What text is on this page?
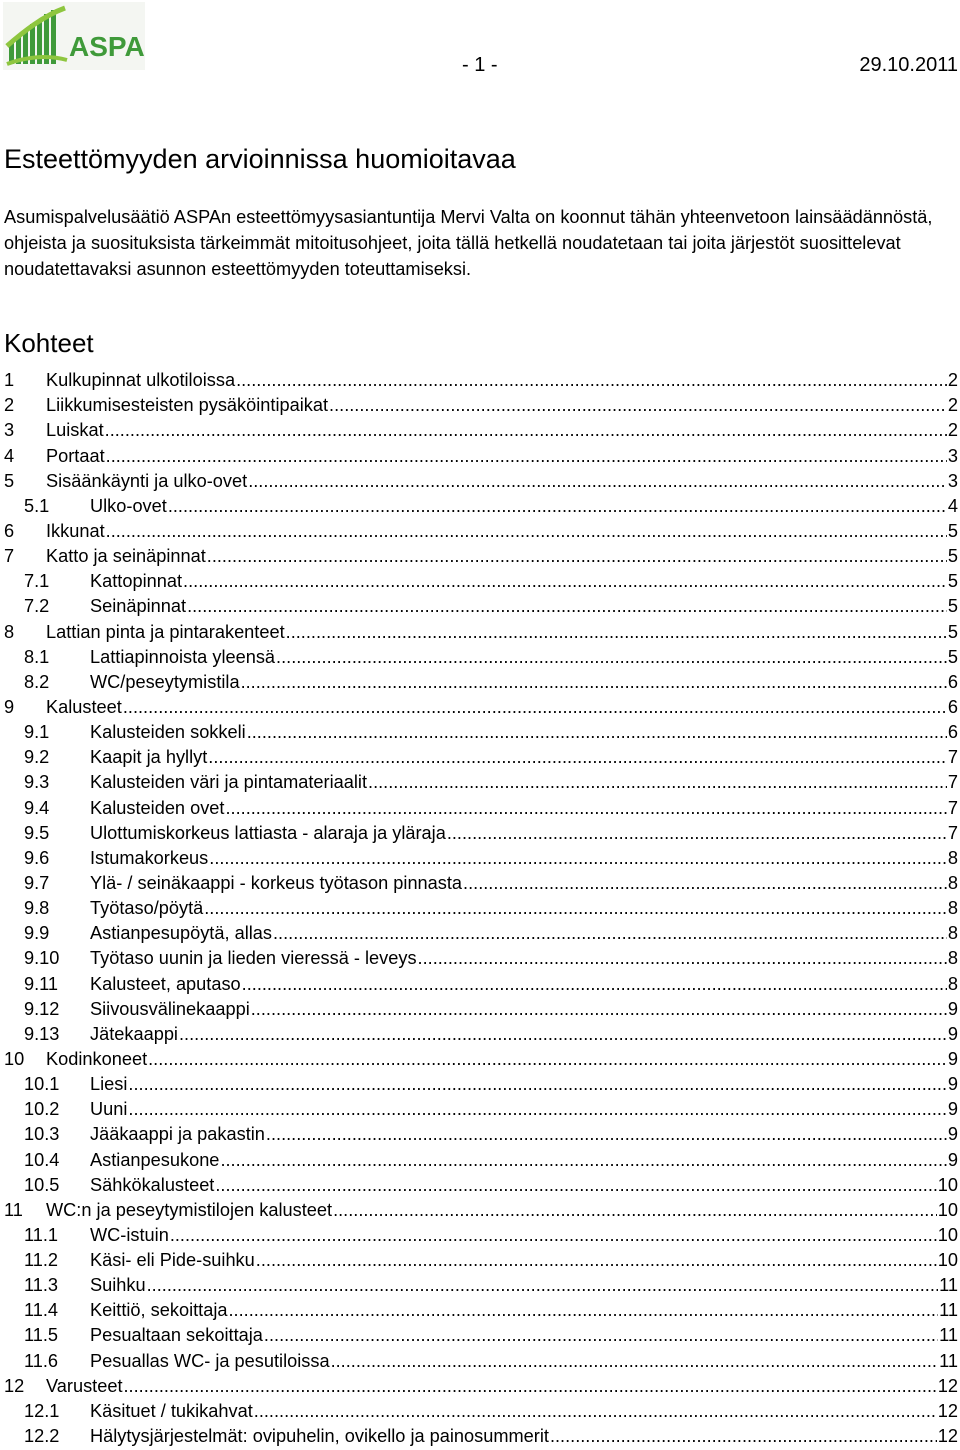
ASPA
- 1 -	29.10.2011
Esteettömyyden arvioinnissa huomioitavaa

Asumispalvelusäätiö ASPAn esteettömyysasiantuntija Mervi Valta on koonnut tähän yhteenvetoon lainsäädännöstä, ohjeista ja suosituksista tärkeimmät mitoitusohjeet, joita tällä hetkellä noudatetaan tai joita järjestöt suosittelevat noudatettavaksi asunnon esteettömyyden toteuttamiseksi.

Kohteet
1	Kulkupinnat ulkotiloissa .....	2
2	Liikkumisesteisten pysäköintipaikat .....	2
3	Luiskat .....	2
4	Portaat .....	3
5	Sisäänkäynti ja ulko-ovet .....	3
5.1	Ulko-ovet .....	4
6	Ikkunat .....	5
7	Katto ja seinäpinnat .....	5
7.1	Kattopinnat .....	5
7.2	Seinäpinnat .....	5
8	Lattian pinta ja pintarakenteet .....	5
8.1	Lattiapinnoista yleensä .....	5
8.2	WC/peseytymistila .....	6
9	Kalusteet .....	6
9.1	Kalusteiden sokkeli .....	6
9.2	Kaapit ja hyllyt .....	7
9.3	Kalusteiden väri ja pintamateriaalit .....	7
9.4	Kalusteiden ovet .....	7
9.5	Ulottumiskorkeus lattiasta - alaraja ja yläraja .....	7
9.6	Istumakorkeus .....	8
9.7	Ylä- / seinäkaappi - korkeus työtason pinnasta .....	8
9.8	Työtaso/pöytä .....	8
9.9	Astianpesupöytä, allas .....	8
9.10	Työtaso uunin ja lieden vieressä - leveys .....	8
9.11	Kalusteet, aputaso .....	8
9.12	Siivousvälinekaappi .....	9
9.13	Jätekaappi .....	9
10	Kodinkoneet .....	9
10.1	Liesi .....	9
10.2	Uuni .....	9
10.3	Jääkaappi ja pakastin .....	9
10.4	Astianpesukone .....	9
10.5	Sähkökalusteet .....	10
11	WC:n ja peseytymistilojen kalusteet .....	10
11.1	WC-istuin .....	10
11.2	Käsi- eli Pide-suihku .....	10
11.3	Suihku .....	11
11.4	Keittiö, sekoittaja .....	11
11.5	Pesualtaan sekoittaja .....	11
11.6	Pesuallas WC- ja pesutiloissa .....	11
12	Varusteet .....	12
12.1	Käsituet / tukikahvat .....	12
12.2	Hälytysjärjestelmät: ovipuhelin, ovikello ja painosummerit .....	12
